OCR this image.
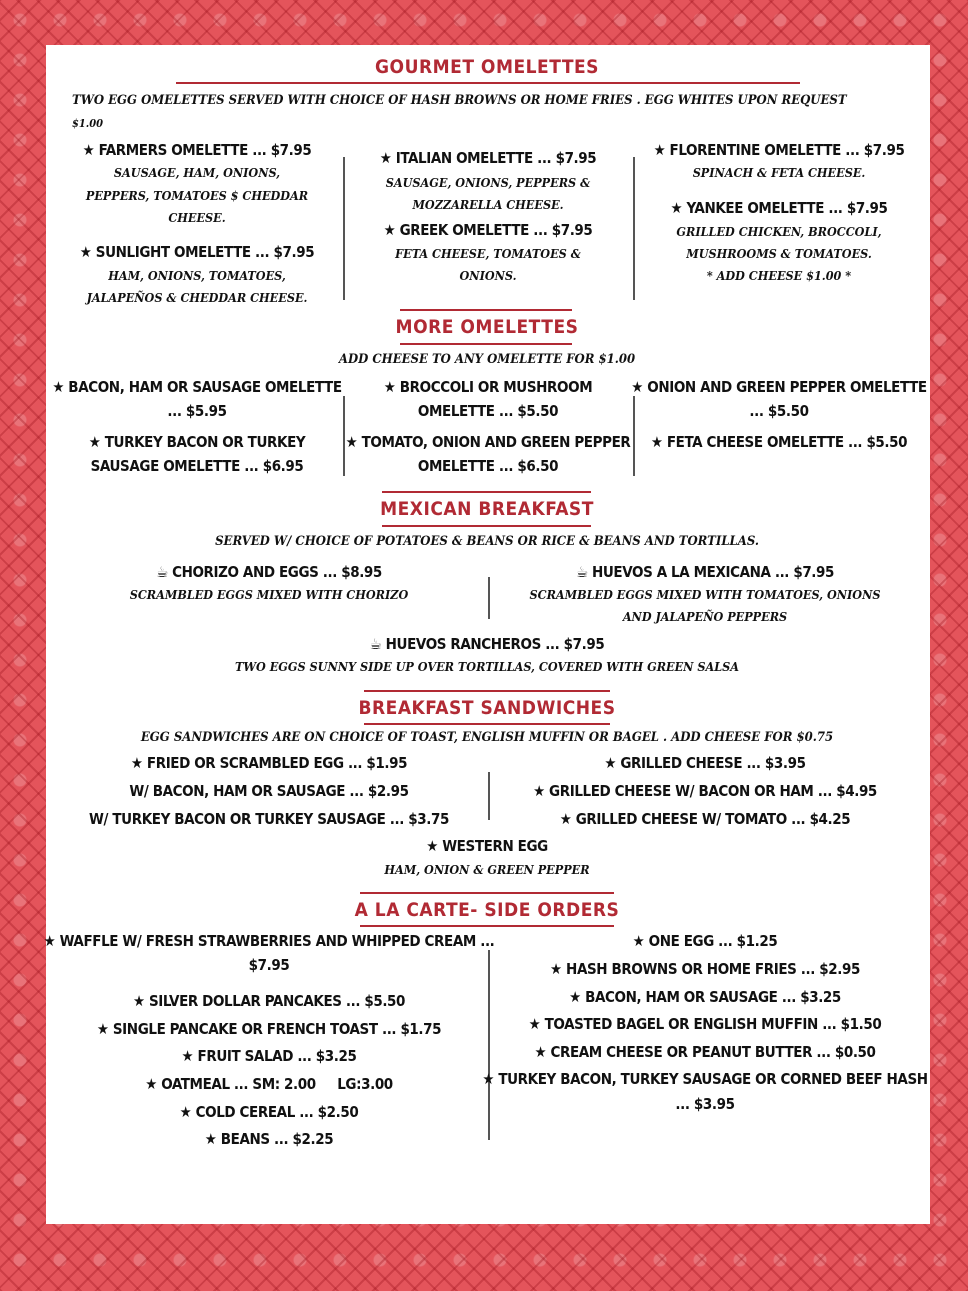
GOURMET OMELETTES
TWO EGG OMELETTES SERVED WITH CHOICE OF HASH BROWNS OR HOME FRIES . EGG WHITES UPON REQUEST
$1.00
★ FARMERS OMELETTE ... $7.95
SAUSAGE, HAM, ONIONS,
PEPPERS, TOMATOES $ CHEDDAR
CHEESE.
★ SUNLIGHT OMELETTE ... $7.95
HAM, ONIONS, TOMATOES,
JALAPEÑOS & CHEDDAR CHEESE.
★ ITALIAN OMELETTE ... $7.95
SAUSAGE, ONIONS, PEPPERS &
MOZZARELLA CHEESE.
★ GREEK OMELETTE ... $7.95
FETA CHEESE, TOMATOES &
ONIONS.
★ FLORENTINE OMELETTE ... $7.95
SPINACH & FETA CHEESE.
★ YANKEE OMELETTE ... $7.95
GRILLED CHICKEN, BROCCOLI,
MUSHROOMS & TOMATOES.
* ADD CHEESE $1.00 *
MORE OMELETTES
ADD CHEESE TO ANY OMELETTE FOR $1.00
★ BACON, HAM OR SAUSAGE OMELETTE
... $5.95
★ TURKEY BACON OR TURKEY
SAUSAGE OMELETTE ... $6.95
★ BROCCOLI OR MUSHROOM
OMELETTE ... $5.50
★ TOMATO, ONION AND GREEN PEPPER
OMELETTE ... $6.50
★ ONION AND GREEN PEPPER OMELETTE
... $5.50
★ FETA CHEESE OMELETTE ... $5.50
MEXICAN BREAKFAST
SERVED W/ CHOICE OF POTATOES & BEANS OR RICE & BEANS AND TORTILLAS.
☕ CHORIZO AND EGGS ... $8.95
SCRAMBLED EGGS MIXED WITH CHORIZO
☕ HUEVOS A LA MEXICANA ... $7.95
SCRAMBLED EGGS MIXED WITH TOMATOES, ONIONS
AND JALAPEÑO PEPPERS
☕ HUEVOS RANCHEROS ... $7.95
TWO EGGS SUNNY SIDE UP OVER TORTILLAS, COVERED WITH GREEN SALSA
BREAKFAST SANDWICHES
EGG SANDWICHES ARE ON CHOICE OF TOAST, ENGLISH MUFFIN OR BAGEL . ADD CHEESE FOR $0.75
★ FRIED OR SCRAMBLED EGG ... $1.95
W/ BACON, HAM OR SAUSAGE ... $2.95
W/ TURKEY BACON OR TURKEY SAUSAGE ... $3.75
★ GRILLED CHEESE ... $3.95
★ GRILLED CHEESE W/ BACON OR HAM ... $4.95
★ GRILLED CHEESE W/ TOMATO ... $4.25
★ WESTERN EGG
HAM, ONION & GREEN PEPPER
A LA CARTE- SIDE ORDERS
★ WAFFLE W/ FRESH STRAWBERRIES AND WHIPPED CREAM ...
$7.95
★ SILVER DOLLAR PANCAKES ... $5.50
★ SINGLE PANCAKE OR FRENCH TOAST ... $1.75
★ FRUIT SALAD ... $3.25
★ OATMEAL ... SM: 2.00     LG:3.00
★ COLD CEREAL ... $2.50
★ BEANS ... $2.25
★ ONE EGG ... $1.25
★ HASH BROWNS OR HOME FRIES ... $2.95
★ BACON, HAM OR SAUSAGE ... $3.25
★ TOASTED BAGEL OR ENGLISH MUFFIN ... $1.50
★ CREAM CHEESE OR PEANUT BUTTER ... $0.50
★ TURKEY BACON, TURKEY SAUSAGE OR CORNED BEEF HASH
... $3.95
